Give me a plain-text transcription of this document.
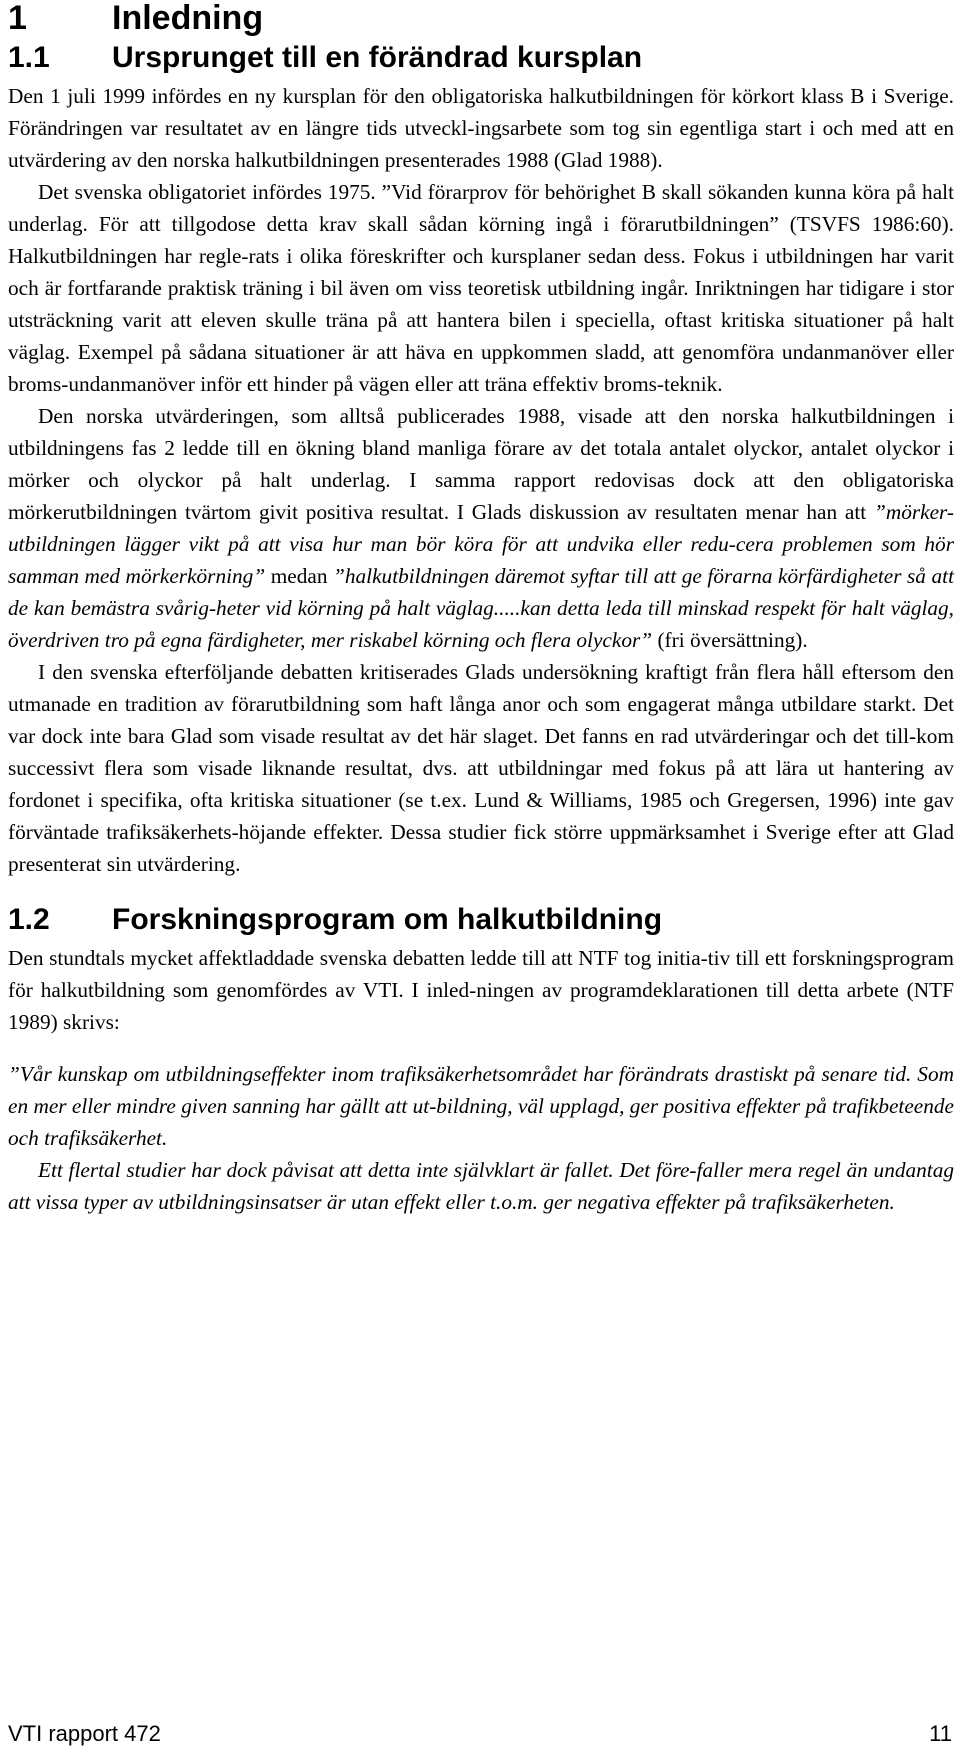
1	Inledning
1.1	Ursprunget till en förändrad kursplan

Den 1 juli 1999 infördes en ny kursplan för den obligatoriska halkutbildningen för körkort klass B i Sverige. Förändringen var resultatet av en längre tids utveckl-ingsarbete som tog sin egentliga start i och med att en utvärdering av den norska halkutbildningen presenterades 1988 (Glad 1988).

Det svenska obligatoriet infördes 1975. ”Vid förarprov för behörighet B skall sökanden kunna köra på halt underlag. För att tillgodose detta krav skall sådan körning ingå i förarutbildningen” (TSVFS 1986:60). Halkutbildningen har regle-rats i olika föreskrifter och kursplaner sedan dess. Fokus i utbildningen har varit och är fortfarande praktisk träning i bil även om viss teoretisk utbildning ingår. Inriktningen har tidigare i stor utsträckning varit att eleven skulle träna på att hantera bilen i speciella, oftast kritiska situationer på halt väglag. Exempel på sådana situationer är att häva en uppkommen sladd, att genomföra undanmanöver eller broms-undanmanöver inför ett hinder på vägen eller att träna effektiv broms-teknik.

Den norska utvärderingen, som alltså publicerades 1988, visade att den norska halkutbildningen i utbildningens fas 2 ledde till en ökning bland manliga förare av det totala antalet olyckor, antalet olyckor i mörker och olyckor på halt underlag. I samma rapport redovisas dock att den obligatoriska mörkerutbildningen tvärtom givit positiva resultat. I Glads diskussion av resultaten menar han att ”mörker-utbildningen lägger vikt på att visa hur man bör köra för att undvika eller redu-cera problemen som hör samman med mörkerkörning” medan ”halkutbildningen däremot syftar till att ge förarna körfärdigheter så att de kan bemästra svårig-heter vid körning på halt väglag.....kan detta leda till minskad respekt för halt väglag, överdriven tro på egna färdigheter, mer riskabel körning och flera olyckor” (fri översättning).

I den svenska efterföljande debatten kritiserades Glads undersökning kraftigt från flera håll eftersom den utmanade en tradition av förarutbildning som haft långa anor och som engagerat många utbildare starkt. Det var dock inte bara Glad som visade resultat av det här slaget. Det fanns en rad utvärderingar och det till-kom successivt flera som visade liknande resultat, dvs. att utbildningar med fokus på att lära ut hantering av fordonet i specifika, ofta kritiska situationer (se t.ex. Lund & Williams, 1985 och Gregersen, 1996) inte gav förväntade trafiksäkerhets-höjande effekter. Dessa studier fick större uppmärksamhet i Sverige efter att Glad presenterat sin utvärdering.

1.2	Forskningsprogram om halkutbildning

Den stundtals mycket affektladdade svenska debatten ledde till att NTF tog initia-tiv till ett forskningsprogram för halkutbildning som genomfördes av VTI. I inled-ningen av programdeklarationen till detta arbete (NTF 1989) skrivs:

”Vår kunskap om utbildningseffekter inom trafiksäkerhetsområdet har förändrats drastiskt på senare tid. Som en mer eller mindre given sanning har gällt att ut-bildning, väl upplagd, ger positiva effekter på trafikbeteende och trafiksäkerhet.

Ett flertal studier har dock påvisat att detta inte självklart är fallet. Det före-faller mera regel än undantag att vissa typer av utbildningsinsatser är utan effekt eller t.o.m. ger negativa effekter på trafiksäkerheten.

VTI rapport 472	11
